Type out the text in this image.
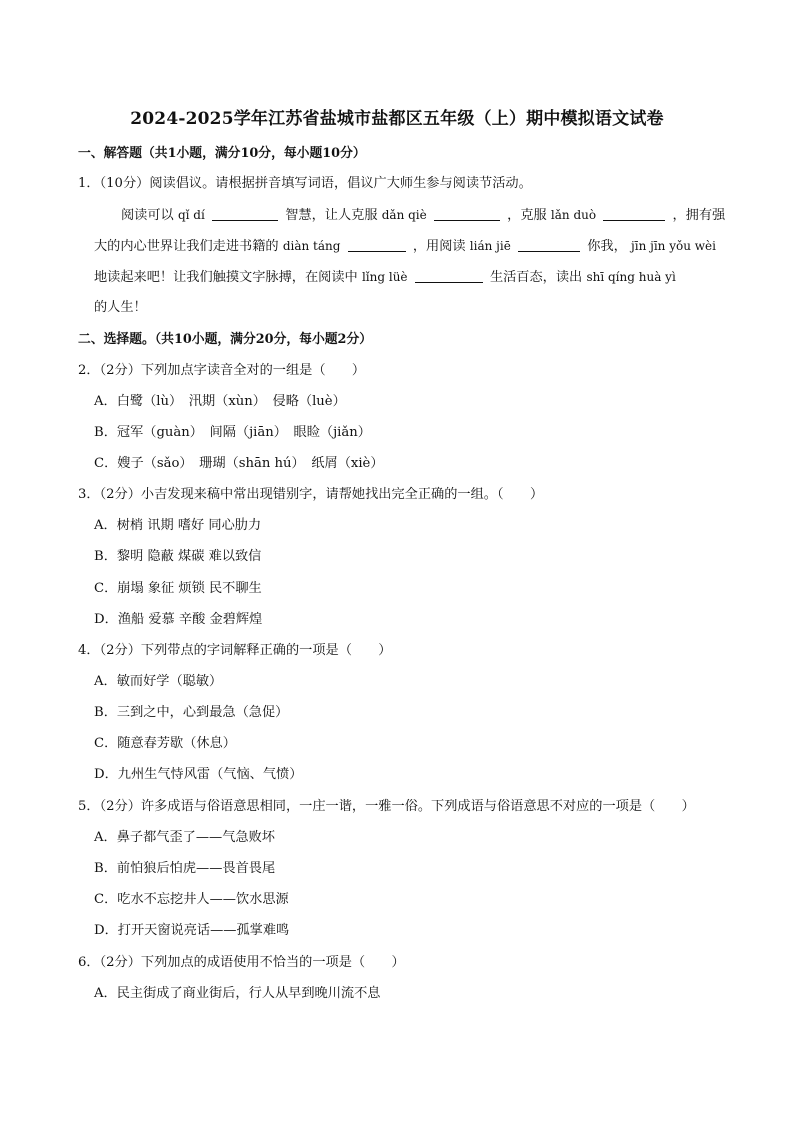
2024-2025学年江苏省盐城市盐都区五年级（上）期中模拟语文试卷
一、解答题（共1小题，满分10分，每小题10分）
1．（10分）阅读倡议。请根据拼音填写词语，倡议广大师生参与阅读节活动。
阅读可以 qǐ dí	智慧，让人克服 dǎn qiè	，克服 lǎn duò	，拥有强
大的内心世界让我们走进书籍的 diàn táng	，用阅读 lián jiē	你我， jīn jīn yǒu wèi
地读起来吧！让我们触摸文字脉搏，在阅读中 lǐng lüè	生活百态，读出 shī qíng huà yì
的人生！
二、选择题。（共10小题，满分20分，每小题2分）
2．（2分）下列加点字读音全对的一组是（　　）
A．白鹭（lù）　汛期（xùn）　侵略（luè）
B．冠军（guàn）　间隔（jiān）　眼睑（jiǎn）
C．嫂子（sǎo）　珊瑚（shān hú）　纸屑（xiè）
3．（2分）小吉发现来稿中常出现错别字，请帮她找出完全正确的一组。（　　）
A．树梢 讯期 嗜好 同心肋力
B．黎明 隐蔽 煤碳 难以致信
C．崩塌 象征 烦锁 民不聊生
D．渔船 爱慕 辛酸 金碧辉煌
4．（2分）下列带点的字词解释正确的一项是（　　）
A．敏而好学（聪敏）
B．三到之中，心到最急（急促）
C．随意春芳歇（休息）
D．九州生气恃风雷（气恼、气愤）
5．（2分）许多成语与俗语意思相同，一庄一谐，一雅一俗。下列成语与俗语意思不对应的一项是（　　）
A．鼻子都气歪了——气急败坏
B．前怕狼后怕虎——畏首畏尾
C．吃水不忘挖井人——饮水思源
D．打开天窗说亮话——孤掌难鸣
6．（2分）下列加点的成语使用不恰当的一项是（　　）
A．民主街成了商业街后，行人从早到晚川流不息
